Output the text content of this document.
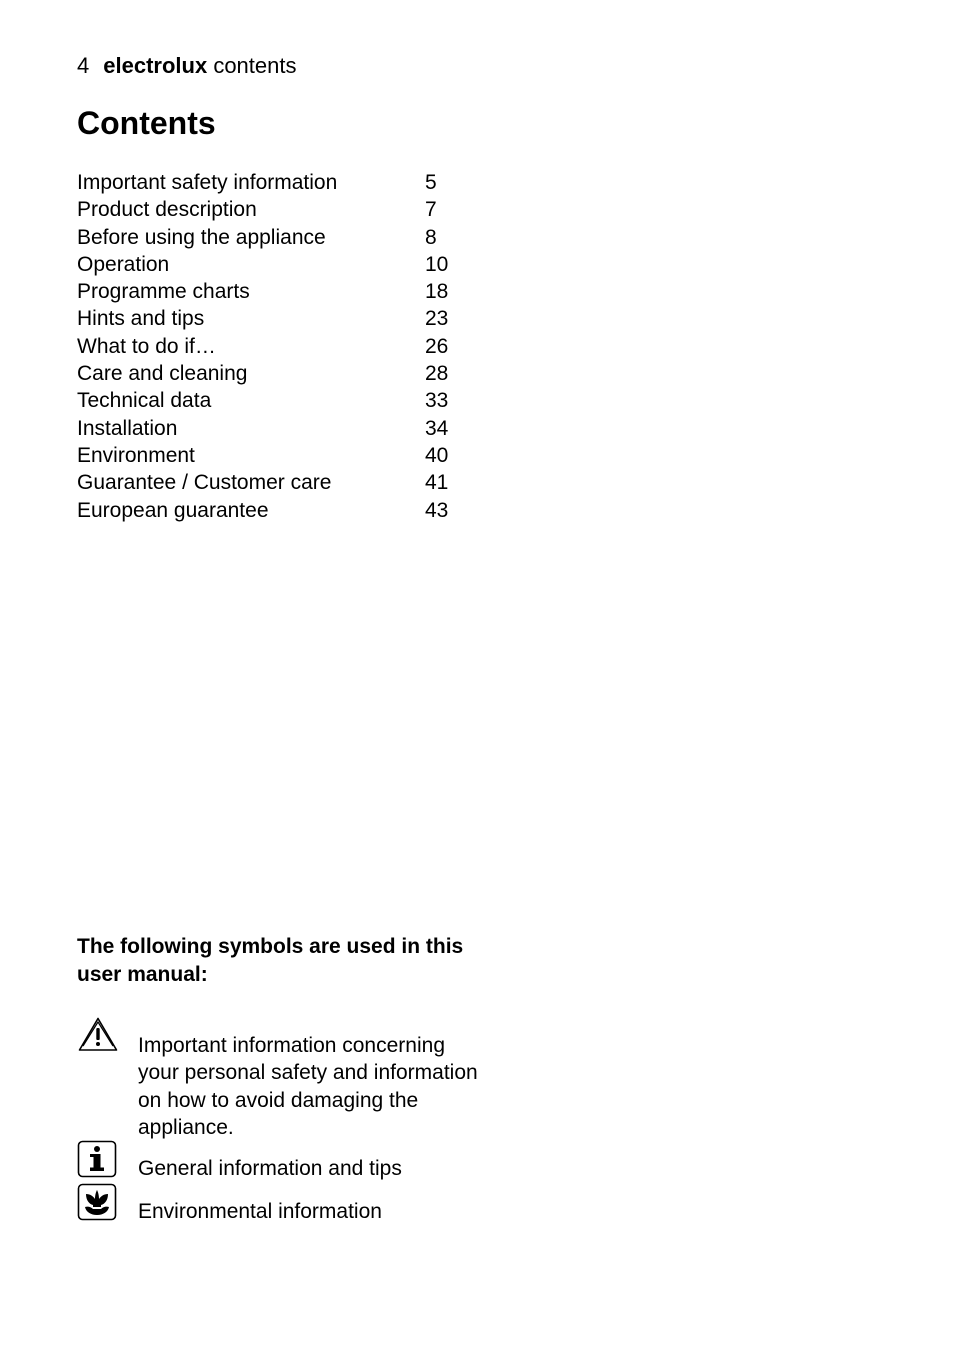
4 electrolux contents
Contents
Important safety information	5
Product description	7
Before using the appliance	8
Operation	10
Programme charts	18
Hints and tips	23
What to do if…	26
Care and cleaning	28
Technical data	33
Installation	34
Environment	40
Guarantee / Customer care	41
European guarantee	43
The following symbols are used in this user manual:
Important information concerning your personal safety and information on how to avoid damaging the appliance.
General information and tips
Environmental information
